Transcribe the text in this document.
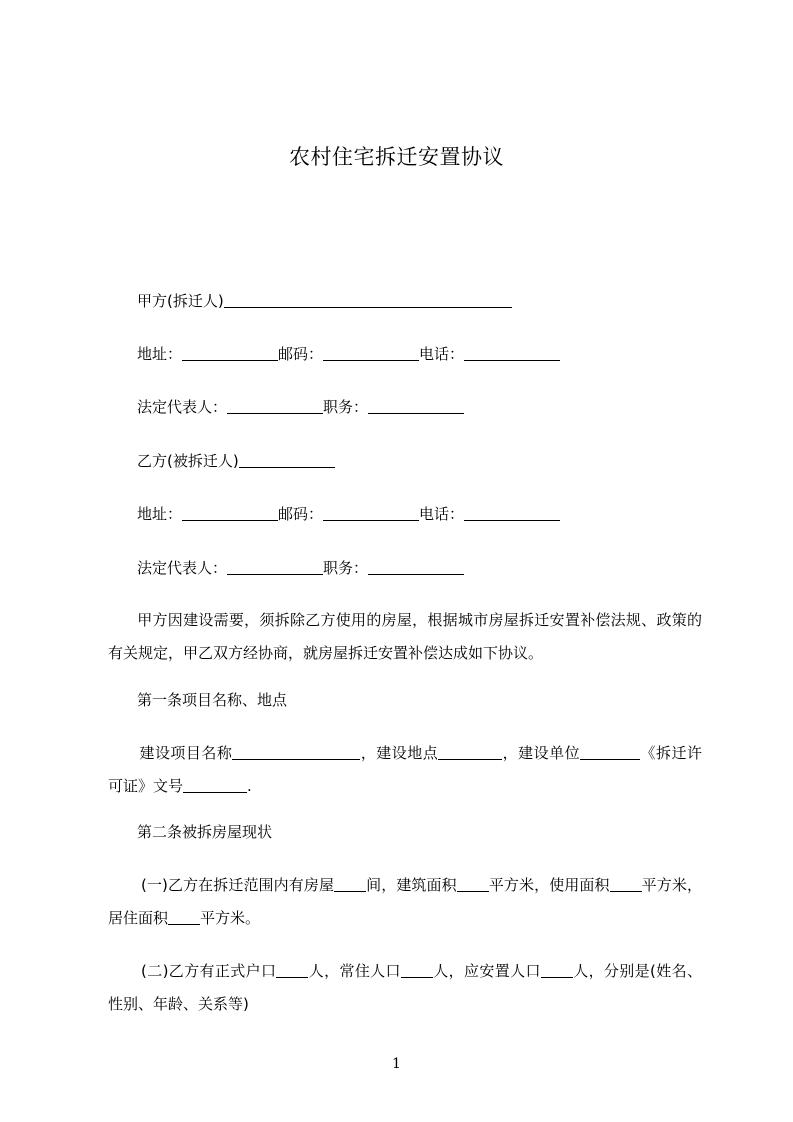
农村住宅拆迁安置协议
甲方(拆迁人)
地址：	邮码：	电话：
法定代表人：	职务：
乙方(被拆迁人)
地址：	邮码：	电话：
法定代表人：	职务：
甲方因建设需要，须拆除乙方使用的房屋，根据城市房屋拆迁安置补偿法规、政策的有关规定，甲乙双方经协商，就房屋拆迁安置补偿达成如下协议。
第一条项目名称、地点
建设项目名称	，建设地点	，建设单位	《拆迁许可证》文号	.
第二条被拆房屋现状
(一)乙方在拆迁范围内有房屋 间，建筑面积 平方米，使用面积 平方米，居住面积 平方米。
(二)乙方有正式户口 人，常住人口 人，应安置人口 人，分别是(姓名、性别、年龄、关系等)
1
